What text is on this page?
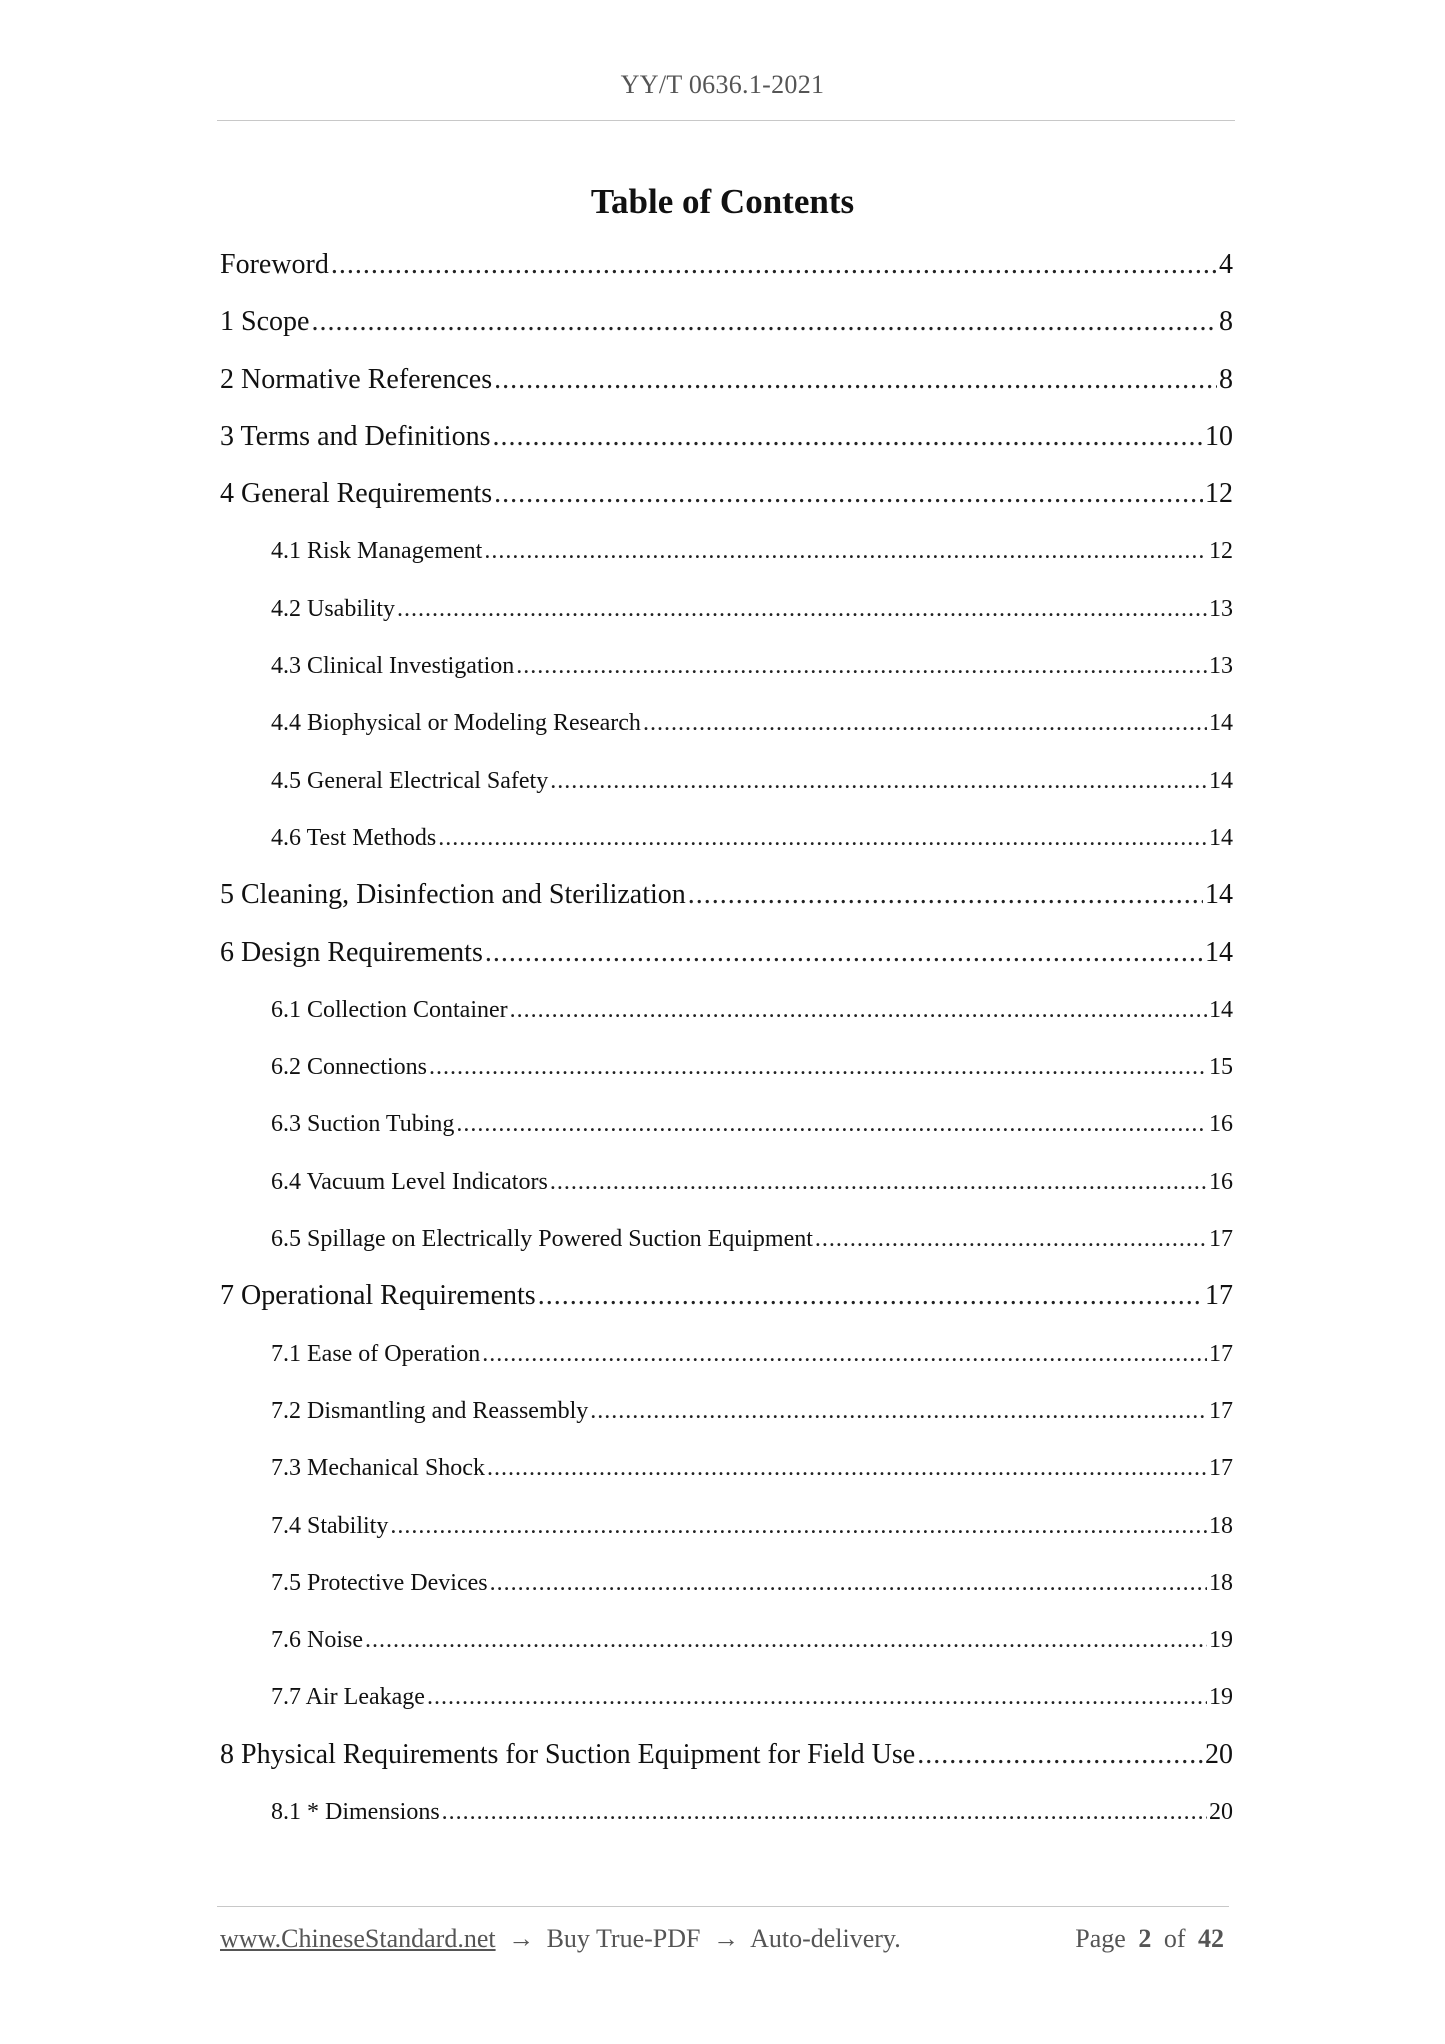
YY/T 0636.1-2021
Table of Contents
Foreword .....	4
1 Scope .....	8
2 Normative References .....	8
3 Terms and Definitions .....	10
4 General Requirements .....	12
4.1 Risk Management .....	12
4.2 Usability .....	13
4.3 Clinical Investigation .....	13
4.4 Biophysical or Modeling Research .....	14
4.5 General Electrical Safety .....	14
4.6 Test Methods .....	14
5 Cleaning, Disinfection and Sterilization .....	14
6 Design Requirements .....	14
6.1 Collection Container .....	14
6.2 Connections .....	15
6.3 Suction Tubing .....	16
6.4 Vacuum Level Indicators .....	16
6.5 Spillage on Electrically Powered Suction Equipment .....	17
7 Operational Requirements .....	17
7.1 Ease of Operation .....	17
7.2 Dismantling and Reassembly .....	17
7.3 Mechanical Shock .....	17
7.4 Stability .....	18
7.5 Protective Devices .....	18
7.6 Noise .....	19
7.7 Air Leakage .....	19
8 Physical Requirements for Suction Equipment for Field Use .....	20
8.1 * Dimensions .....	20
www.ChineseStandard.net → Buy True-PDF → Auto-delivery.	Page 2 of 42
